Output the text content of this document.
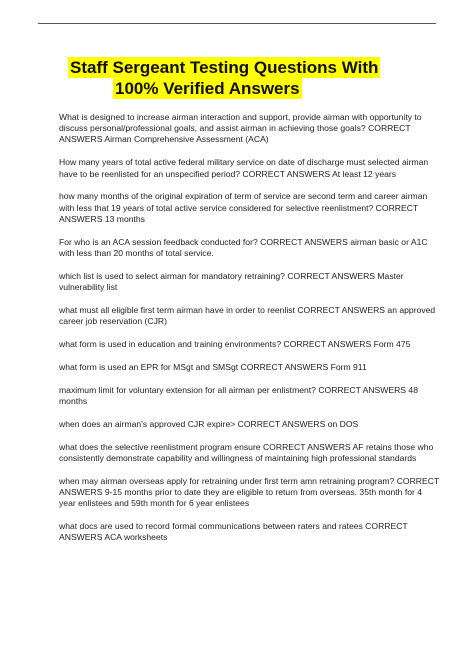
Staff Sergeant Testing Questions With
100% Verified Answers
What is designed to increase airman interaction and support, provide airman with opportunity to discuss personal/professional goals, and assist airman in achieving those goals? CORRECT ANSWERS Airman Comprehensive Assessment (ACA)
How many years of total active federal military service on date of discharge must selected airman have to be reenlisted for an unspecified period? CORRECT ANSWERS At least 12 years
how many months of the original expiration of term of service are second term and career airman with less that 19 years of total active service considered for selective reenlistment? CORRECT ANSWERS 13 months
For who is an ACA session feedback conducted for? CORRECT ANSWERS airman basic or A1C with less than 20 months of total service.
which list is used to select airman for mandatory retraining? CORRECT ANSWERS Master vulnerability list
what must all eligible first term airman have in order to reenlist CORRECT ANSWERS an approved career job reservation (CJR)
what form is used in education and training environments? CORRECT ANSWERS Form 475
what form is used an EPR for MSgt and SMSgt CORRECT ANSWERS Form 911
maximum limit for voluntary extension for all airman per enlistment? CORRECT ANSWERS 48 months
when does an airman's approved CJR expire> CORRECT ANSWERS on DOS
what does the selective reenlistment program ensure CORRECT ANSWERS AF retains those who consistently demonstrate capability and willingness of maintaining high professional standards
when may airman overseas apply for retraining under first term amn retraining program? CORRECT ANSWERS 9-15 months prior to date they are eligible to return from overseas. 35th month for 4 year enlistees and 59th month for 6 year enlistees
what docs are used to record formal communications between raters and ratees CORRECT ANSWERS ACA worksheets
